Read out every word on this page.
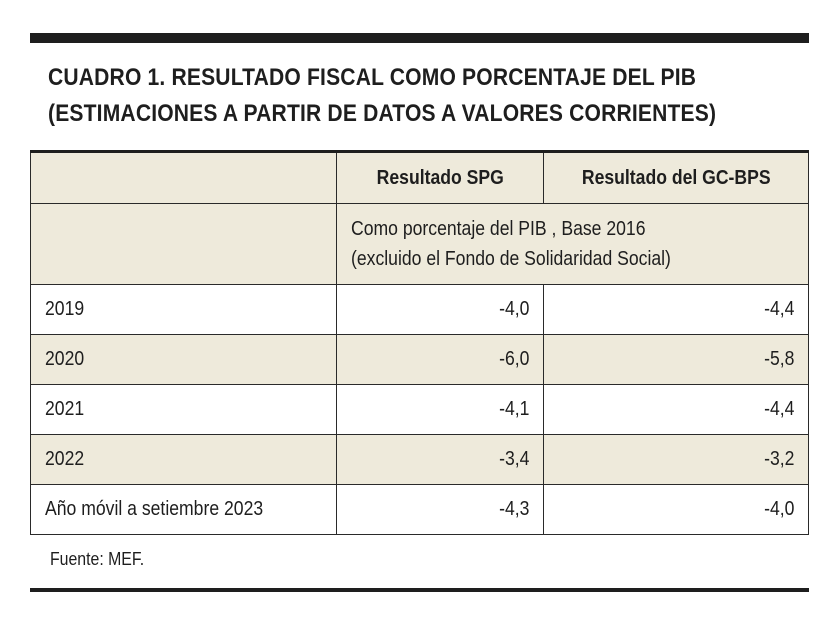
CUADRO 1. RESULTADO FISCAL COMO PORCENTAJE DEL PIB
(ESTIMACIONES A PARTIR DE DATOS A VALORES CORRIENTES)
	Resultado SPG	Resultado del GC-BPS
	Como porcentaje del PIB , Base 2016
(excluido el Fondo de Solidaridad Social)	
2019	-4,0	-4,4
2020	-6,0	-5,8
2021	-4,1	-4,4
2022	-3,4	-3,2
Año móvil a setiembre 2023	-4,3	-4,0
Fuente: MEF.
